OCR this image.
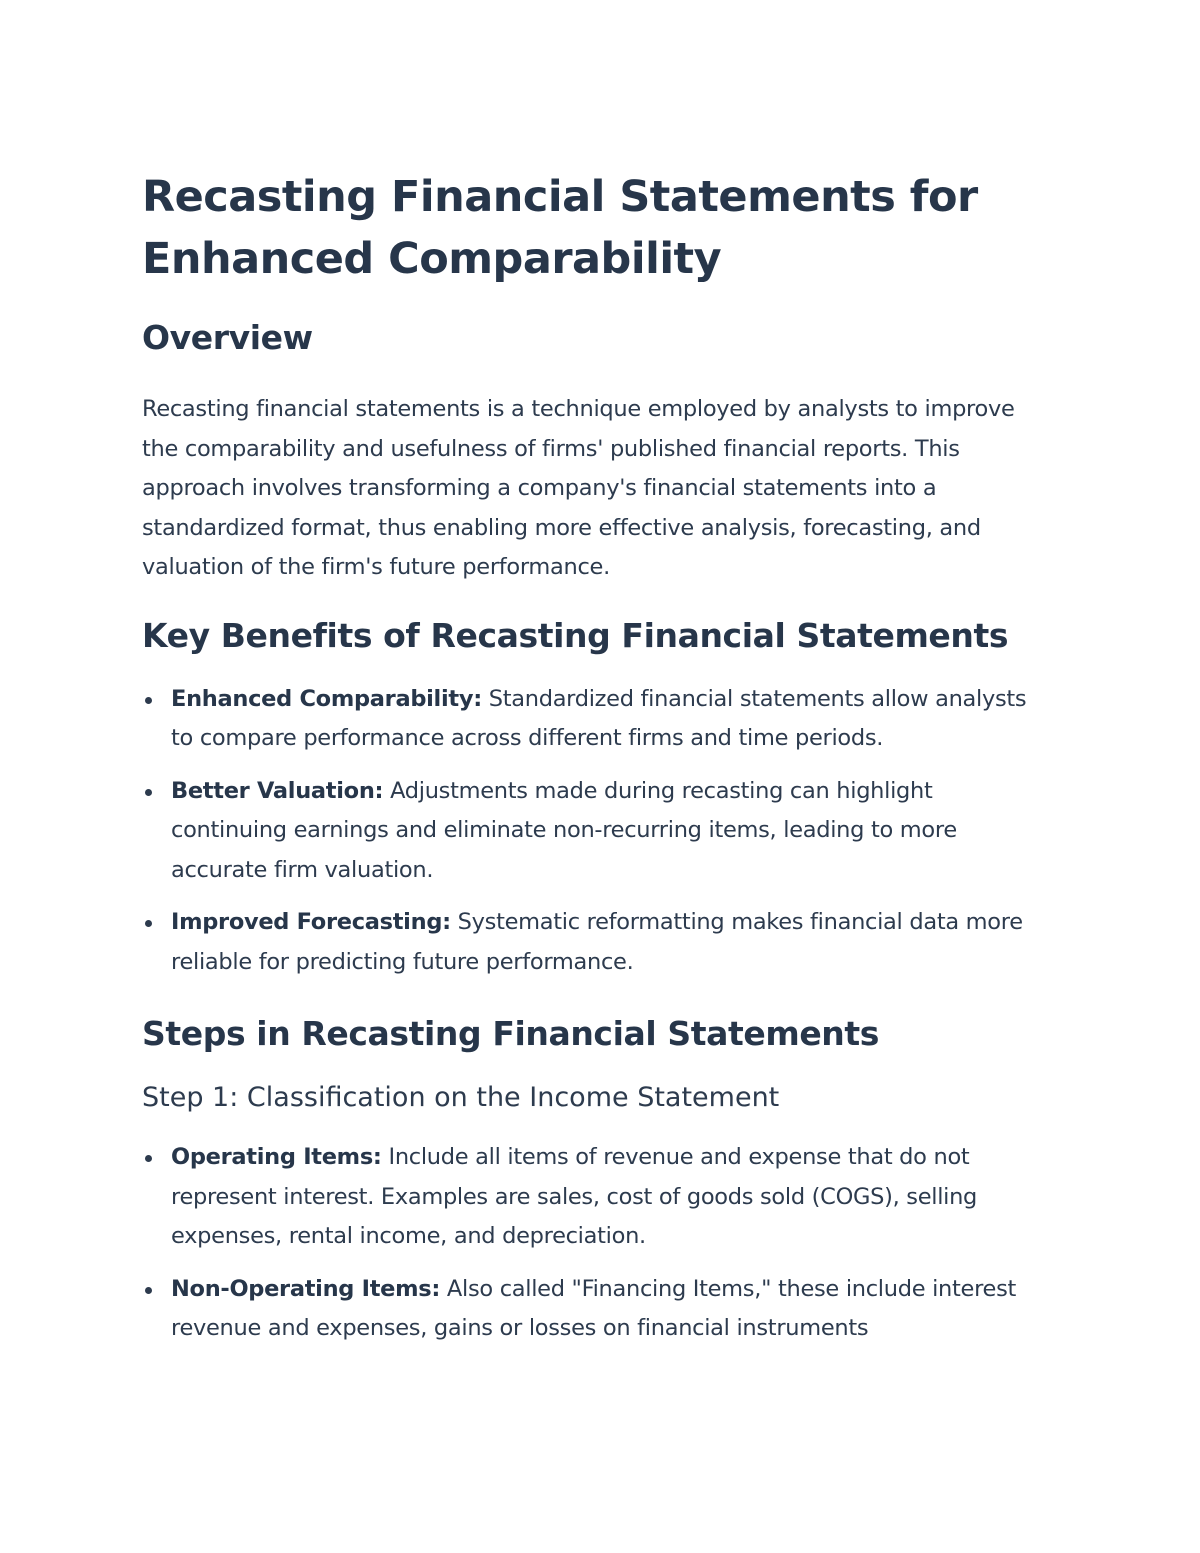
Recasting Financial Statements for Enhanced Comparability
Overview

Recasting financial statements is a technique employed by analysts to improve the comparability and usefulness of firms' published financial reports. This approach involves transforming a company's financial statements into a standardized format, thus enabling more effective analysis, forecasting, and valuation of the firm's future performance.

Key Benefits of Recasting Financial Statements
Enhanced Comparability: Standardized financial statements allow analysts to compare performance across different firms and time periods.
Better Valuation: Adjustments made during recasting can highlight continuing earnings and eliminate non-recurring items, leading to more accurate firm valuation.
Improved Forecasting: Systematic reformatting makes financial data more reliable for predicting future performance.
Steps in Recasting Financial Statements
Step 1: Classification on the Income Statement
Operating Items: Include all items of revenue and expense that do not represent interest. Examples are sales, cost of goods sold (COGS), selling expenses, rental income, and depreciation.
Non-Operating Items: Also called "Financing Items," these include interest revenue and expenses, gains or losses on financial instruments
